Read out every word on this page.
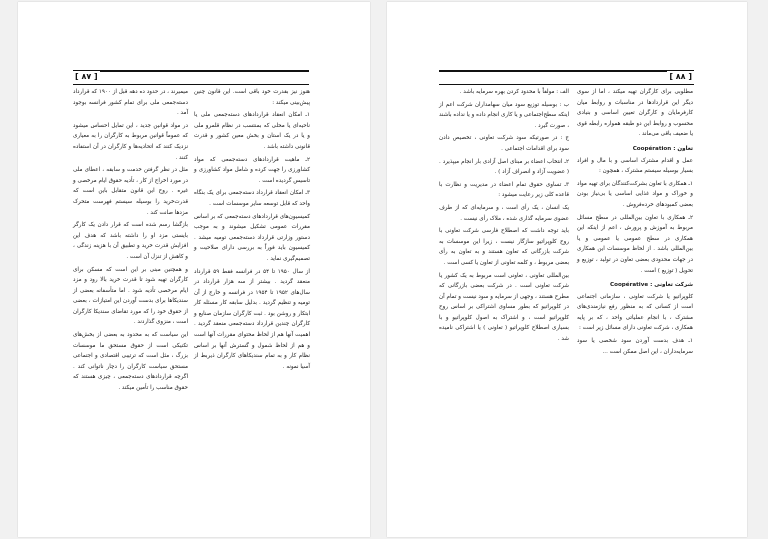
[ ۸۷ ]

هنوز نیز بقدرت خود باقی است. این قانون چنین پیش‌بینی میکند :

۱ـ امکان انعقاد قراردادهای دسته‌جمعی ملی یا ناحیه‌ای یا محلی که بمنتسب در نظام قلمرو ملی و یا در یک استان و بخش معین کشور و قدرت قانونی داشته باشد .

۲ـ ماهیت قراردادهای دسته‌جمعی که مواد کشاورزی را جهت کرده و شامل مواد کشاورزی و تاسیس گردیده است .

۳ـ امکان انعقاد قرارداد دسته‌جمعی برای یک بنگاه واحد که قابل توسعه سایر موسسات است .

کمیسیون‌های قراردادهای دسته‌جمعی که بر اساس مقررات عمومی تشکیل میشوند و به موجب دستور وزارتی قرارداد دسته‌جمعی تومیه میشد . کمیسیون باید فوراً به بررسی دارای صلاحیت و تصمیم‌گیری نماید .

از سال ۱۹۵۰ تا ۵۴ در فرانسه فقط ۵۹ قرارداد منعقد گردید . بیشتر از سه هزار قرارداد در سال‌های ۱۹۵۲ تا ۱۹۵۴ در فرانسه و خارج از آن تومیه و تنظیم گردید . بدلیل سابقه کار مسئله کار ابتکار و روشن بود . ثبت کارگران سازمان صنایع و کارگران چندین قرارداد دسته‌جمعی منعقد گردید . اهمیت آنها هم از لحاظ محتوای مقررات آنها است و هم از لحاظ شمول و گسترش آنها بر اساس نظام کار و به تمام سندیکاهای کارگران ذیربط از آسیا نمونه .

میمیرند ، در حدود ده دهه قبل از ۱۹۰۰ که قرارداد دسته‌جمعی ملی برای تمام کشور فرانسه بوجود آمد .

در مواد قوانین جدید ، این تمایل احساس میشود که عموماً قوانین مربوط به کارگران را به معیاری نزدیک کنند که اتحادیه‌ها و کارگران در آن استفاده کنند .

مثل در نظر گرفتن خدمت و سابقه ، اعطای ملی در مورد اخراج از کار ، تأدیه حقوق ایام مرخصی و غیره . روح این قانون متقابل باین است که قدرت‌خرید را بوسیله سیستم فهرست متحرک مزدها صانت کند .

بازگشا رسم شده است که قرار دادن یک کارگر بایستی مزد او را داشته باشد که هدف این افزایش قدرت خرید و تطبیق آن با هزینه زندگی ، و کاهش از تنزل آن است .

و همچنین مبنی بر این است که مسکن برای کارگران تهیه شود تا قدرت خرید بالا رود و مزد ایام مرخصی تأدیه شود . اما متأسفانه بعضی از سندیکاها برای بدست آوردن این امتیازات ، بعضی از حقوق خود را که مورد تقاضای سندیکا کارگران است ، منزوی گذاردند .

این سیاست که به محدود به بعضی از بخش‌های تکنیکی است از حقوق مستحق ما موسسات بزرگ ، مثل است که ترتیبی اقتصادی و اجتماعی مستحق سیاست کارگران را دچار ناتوانی کند . اگرچه قراردادهای دسته‌جمعی ، چیزی هستند که حقوق مناسب را تأمین میکند .

[ ۸۸ ]

مطلوبی برای کارگران تهیه میکند ، اما از سوی دیگر این قراردادها در مناسبات و روابط میان کارفرمایان و کارگران تعیین اساسی و بنیادی محسوب و روابط این دو طبقه همواره رابطه قوی یا ضعیف باقی می‌ماند .

تعاون : Coopération

عمل و اقدام مشترک اساسی و با مال و افراد بسیار بوسیله سیستم مشترک ، همچون :

۱ـ همکاری با تعاون بشرکت‌کنندگان برای تهیه مواد و خوراک و مواد غذایی اساسی یا بی‌نیاز بودن بعضی کمبودهای خرده‌فروش .

۲ـ همکاری با تعاون بین‌المللی در سطح مسائل مربوط به آموزش و پرورش ، اعم از اینکه این همکاری در سطح عمومی یا عمومی و یا بین‌المللی باشد . از لحاظ موسسات این همکاری در جهات محدودی بعضی تعاون در تولید ، توزیع و تحویل ( توزیع ) است .

شرکت تعاونی : Coopérative

کلوپراتیو یا شرکت تعاونی ، سازمانی اجتماعی است از کسانی که به منظور رفع نیازمندی‌های مشترک ، با انجام عملیاتی واحد ، که بر پایه همکاری ، شرکت تعاونی دارای مسائل زیر است :

۱ـ هدف بدست آوردن سود شخصی یا سود سرمایه‌داران ، این اصل ممکن است ...

الف : مولفاً با محدود کردن بهره سرمایه باشد .

ب : بوسیله توزیع سود میان سهامداران شرکت اعم از اینکه سطح‌اجتماعی و یا کاری انجام داده و یا نداده باشند ، صورت گیرد .

ج : در صورتیکه سود شرکت تعاونی ، تخصیص دادن سود برای اقدامات اجتماعی .

۲ـ انتخاب اعضاء بر مبنای اصل آزادی بار انجام میپذیرد . ( عضویت آزاد و انصراف آزاد ) .

۳ـ تساوی حقوق تمام اعضاء در مدیریت و نظارت با قاعده کلی زیر رعایت میشود :

یک انسان ، یک رأی است ، و سرمایه‌ای که از طرف عضوی سرمایه گذاری شده ، ملاک رأی نیست .

باید توجه داشت که اصطلاح فارسی شرکت تعاونی با روح کلوپراتیو سازگار نیست ، زیرا این موسسات به شرکت بازرگانی که تعاون هستند و به تعاون به رأی بعضی مربوط ، و کلمه تعاونی از تعاون یا کسی است .

بین‌المللی تعاونی ، تعاونی است مربوط به یک کشور یا شرکت تعاونی است . در شرکت بعضی بازرگانی که مطرح هستند ، وجهی از سرمایه و سود نیست و تمام آن در کلوپراتیو که بطور مساوی اشتراکی بر اساس روح کلوپراتیو است ، و اشتراک به اصول کلوپراتیو و با بسیاری اصطلاح کلوپراتیو ( تعاونی ) یا اشتراکی نامیده شد .
